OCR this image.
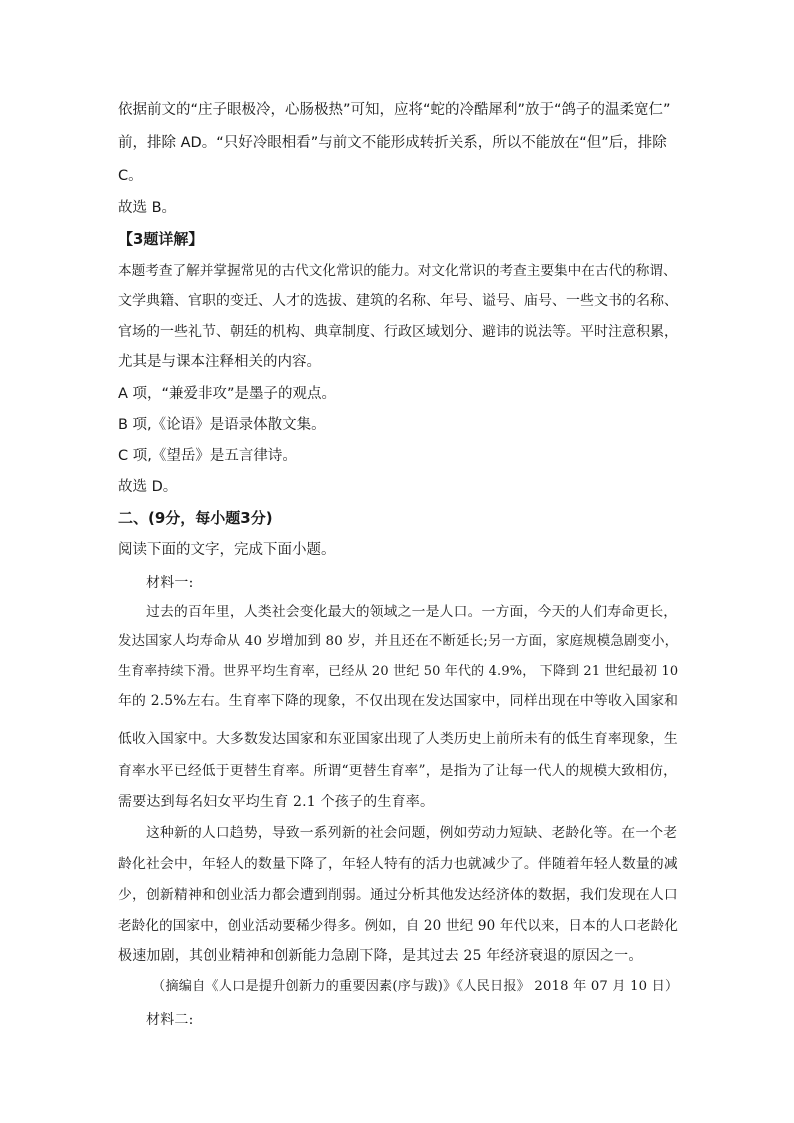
依据前文的“庄子眼极冷，心肠极热”可知，应将“蛇的冷酷犀利”放于“鸽子的温柔宽仁”
前，排除 AD。“只好冷眼相看”与前文不能形成转折关系，所以不能放在“但”后，排除
C。
故选 B。
【3题详解】
本题考查了解并掌握常见的古代文化常识的能力。对文化常识的考查主要集中在古代的称谓、
文学典籍、官职的变迁、人才的选拔、建筑的名称、年号、谥号、庙号、一些文书的名称、
官场的一些礼节、朝廷的机构、典章制度、行政区域划分、避讳的说法等。平时注意积累，
尤其是与课本注释相关的内容。
A 项，“兼爱非攻”是墨子的观点。
B 项,《论语》是语录体散文集。
C 项,《望岳》是五言律诗。
故选 D。
二、(9分，每小题3分)
阅读下面的文字，完成下面小题。
材料一:
过去的百年里，人类社会变化最大的领域之一是人口。一方面，今天的人们寿命更长，
发达国家人均寿命从 40 岁增加到 80 岁，并且还在不断延长;另一方面，家庭规模急剧变小，
生育率持续下滑。世界平均生育率，已经从 20 世纪 50 年代的 4.9%， 下降到 21 世纪最初 10
年的 2.5%左右。生育率下降的现象，不仅出现在发达国家中，同样出现在中等收入国家和
低收入国家中。大多数发达国家和东亚国家出现了人类历史上前所未有的低生育率现象，生
育率水平已经低于更替生育率。所谓“更替生育率”，是指为了让每一代人的规模大致相仿，
需要达到每名妇女平均生育 2.1 个孩子的生育率。
这种新的人口趋势，导致一系列新的社会问题，例如劳动力短缺、老龄化等。在一个老
龄化社会中，年轻人的数量下降了，年轻人特有的活力也就减少了。伴随着年轻人数量的减
少，创新精神和创业活力都会遭到削弱。通过分析其他发达经济体的数据，我们发现在人口
老龄化的国家中，创业活动要稀少得多。例如，自 20 世纪 90 年代以来，日本的人口老龄化
极速加剧，其创业精神和创新能力急剧下降，是其过去 25 年经济衰退的原因之一。
（摘编自《人口是提升创新力的重要因素(序与跋)》《人民日报》 2018 年 07 月 10 日）
材料二:
